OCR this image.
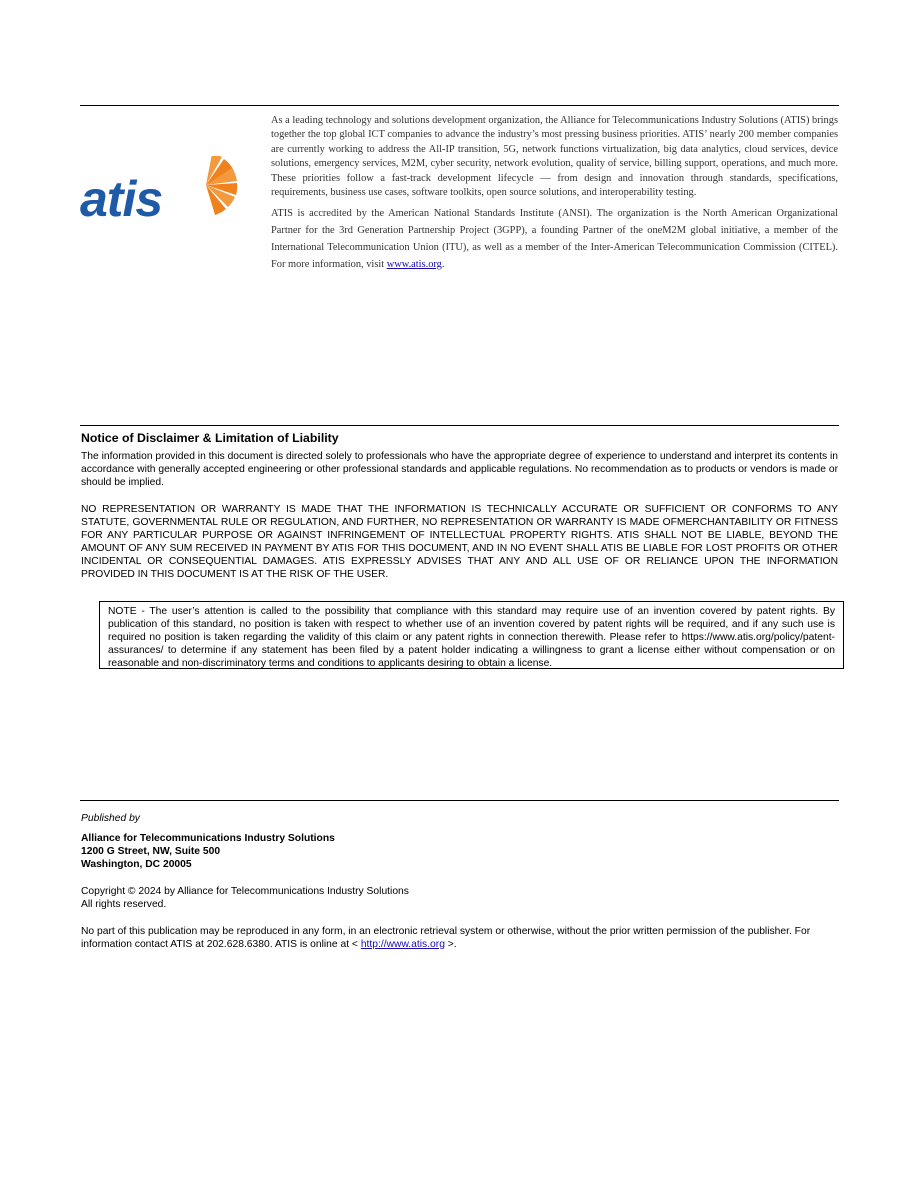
atis

As a leading technology and solutions development organization, the Alliance for Telecommunications Industry Solutions (ATIS) brings together the top global ICT companies to advance the industry’s most pressing business priorities. ATIS’ nearly 200 member companies are currently working to address the All-IP transition, 5G, network functions virtualization, big data analytics, cloud services, device solutions, emergency services, M2M, cyber security, network evolution, quality of service, billing support, operations, and much more. These priorities follow a fast-track development lifecycle — from design and innovation through standards, specifications, requirements, business use cases, software toolkits, open source solutions, and interoperability testing.

ATIS is accredited by the American National Standards Institute (ANSI). The organization is the North American Organizational Partner for the 3rd Generation Partnership Project (3GPP), a founding Partner of the oneM2M global initiative, a member of the International Telecommunication Union (ITU), as well as a member of the Inter-American Telecommunication Commission (CITEL). For more information, visit www.atis.org.

Notice of Disclaimer & Limitation of Liability

The information provided in this document is directed solely to professionals who have the appropriate degree of experience to understand and interpret its contents in accordance with generally accepted engineering or other professional standards and applicable regulations. No recommendation as to products or vendors is made or should be implied.

NO REPRESENTATION OR WARRANTY IS MADE THAT THE INFORMATION IS TECHNICALLY ACCURATE OR SUFFICIENT OR CONFORMS TO ANY STATUTE, GOVERNMENTAL RULE OR REGULATION, AND FURTHER, NO REPRESENTATION OR WARRANTY IS MADE OFMERCHANTABILITY OR FITNESS FOR ANY PARTICULAR PURPOSE OR AGAINST INFRINGEMENT OF INTELLECTUAL PROPERTY RIGHTS. ATIS SHALL NOT BE LIABLE, BEYOND THE AMOUNT OF ANY SUM RECEIVED IN PAYMENT BY ATIS FOR THIS DOCUMENT, AND IN NO EVENT SHALL ATIS BE LIABLE FOR LOST PROFITS OR OTHER INCIDENTAL OR CONSEQUENTIAL DAMAGES. ATIS EXPRESSLY ADVISES THAT ANY AND ALL USE OF OR RELIANCE UPON THE INFORMATION PROVIDED IN THIS DOCUMENT IS AT THE RISK OF THE USER.

NOTE - The user’s attention is called to the possibility that compliance with this standard may require use of an invention covered by patent rights. By publication of this standard, no position is taken with respect to whether use of an invention covered by patent rights will be required, and if any such use is required no position is taken regarding the validity of this claim or any patent rights in connection therewith. Please refer to https://www.atis.org/policy/patent-assurances/ to determine if any statement has been filed by a patent holder indicating a willingness to grant a license either without compensation or on reasonable and non-discriminatory terms and conditions to applicants desiring to obtain a license.
Published by
Alliance for Telecommunications Industry Solutions
1200 G Street, NW, Suite 500
Washington, DC 20005
Copyright © 2024 by Alliance for Telecommunications Industry Solutions
All rights reserved.
No part of this publication may be reproduced in any form, in an electronic retrieval system or otherwise, without the prior written permission of the publisher. For information contact ATIS at 202.628.6380. ATIS is online at < http://www.atis.org >.
